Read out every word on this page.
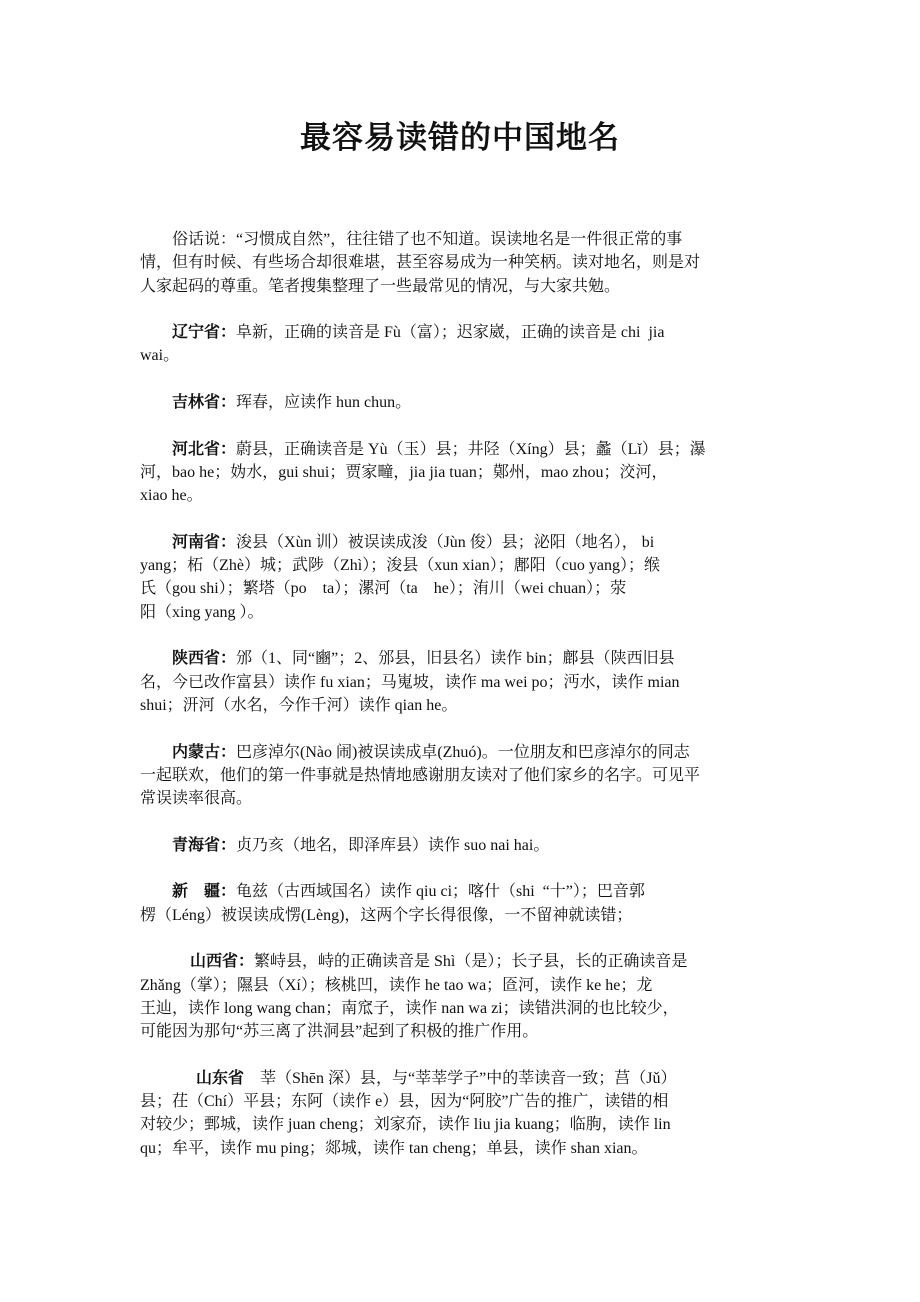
最容易读错的中国地名

俗话说：“习惯成自然”，往往错了也不知道。误读地名是一件很正常的事
情，但有时候、有些场合却很难堪，甚至容易成为一种笑柄。读对地名，则是对
人家起码的尊重。笔者搜集整理了一些最常见的情况，与大家共勉。

辽宁省：阜新，正确的读音是 Fù（富）；迟家崴，正确的读音是 chi  jia
wai。

吉林省：珲春，应读作 hun chun。

河北省：蔚县，正确读音是 Yù（玉）县；井陉（Xíng）县；蠡（Lǐ）县；瀑
河，bao he；妫水，gui shui；贾家疃，jia jia tuan；鄚州，mao zhou；洨河，
xiao he。

河南省：浚县（Xùn 训）被误读成浚（Jùn 俊）县；泌阳（地名）， bi
yang；柘（Zhè）城；武陟（Zhì）；浚县（xun xian）；鄌阳（cuo yang）；缑
氏（gou shi）；繁塔（po    ta）；漯河（ta    he）；洧川（wei chuan）；荥
阳（xing yang ）。

陕西省：邠（1、同“豳”；2、邠县，旧县名）读作 bin；鄜县（陕西旧县
名，今已改作富县）读作 fu xian；马嵬坡，读作 ma wei po；沔水，读作 mian
shui；汧河（水名，今作千河）读作 qian he。

内蒙古：巴彦淖尔(Nào 闹)被误读成卓(Zhuó)。一位朋友和巴彦淖尔的同志
一起联欢，他们的第一件事就是热情地感谢朋友读对了他们家乡的名字。可见平
常误读率很高。

青海省：贞乃亥（地名，即泽库县）读作 suo nai hai。

新    疆：龟兹（古西域国名）读作 qiu ci；喀什（shi  “十”）；巴音郭
楞（Léng）被误读成愣(Lèng)，这两个字长得很像，一不留神就读错；

山西省：繁峙县，峙的正确读音是 Shì（是）；长子县，长的正确读音是
Zhǎng（掌）；隰县（Xí）；核桃凹，读作 he tao wa；匼河，读作 ke he；龙
王辿，读作 long wang chan；南窊子，读作 nan wa zi；读错洪洞的也比较少，
可能因为那句“苏三离了洪洞县”起到了积极的推广作用。

山东省    莘（Shēn 深）县，与“莘莘学子”中的莘读音一致；莒（Jǔ）
县；茌（Chí）平县；东阿（读作 e）县，因为“阿胶”广告的推广，读错的相
对较少；鄄城，读作 juan cheng；刘家夼，读作 liu jia kuang；临朐，读作 lin
qu；牟平，读作 mu ping；郯城，读作 tan cheng；单县，读作 shan xian。
